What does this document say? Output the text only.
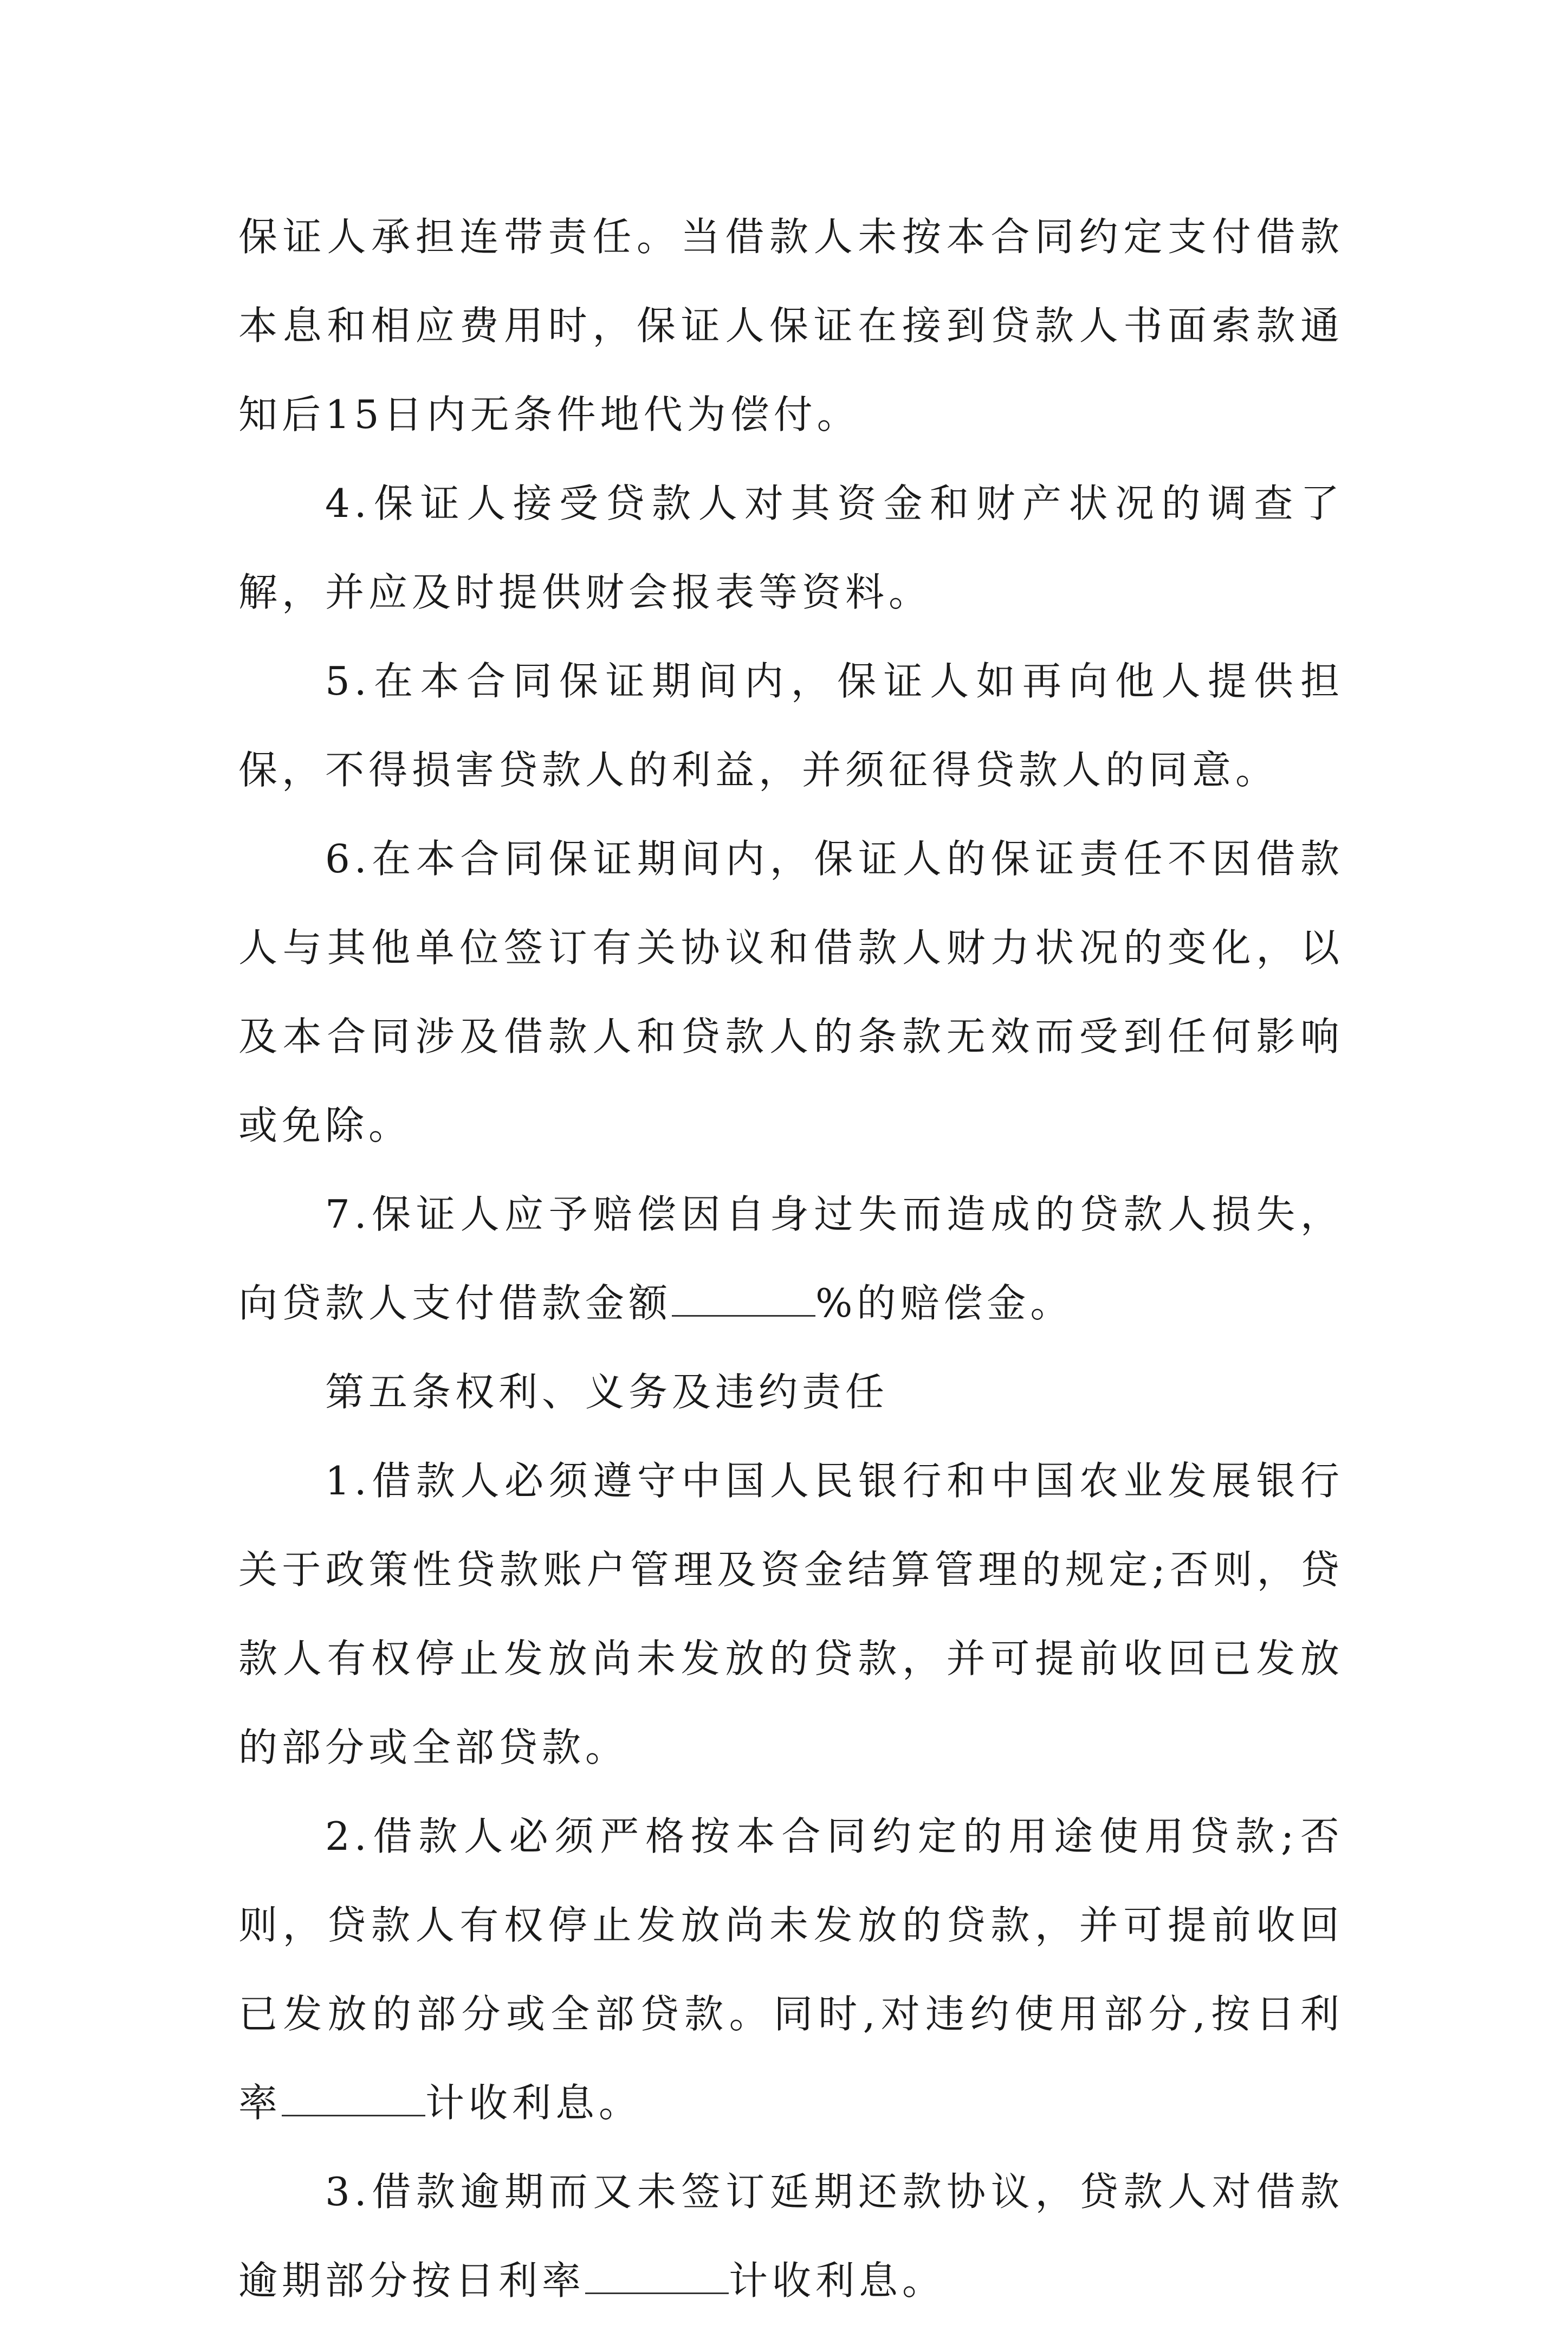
保证人承担连带责任。当借款人未按本合同约定支付借款本息和相应费用时，保证人保证在接到贷款人书面索款通知后15日内无条件地代为偿付。

4.保证人接受贷款人对其资金和财产状况的调查了解，并应及时提供财会报表等资料。

5.在本合同保证期间内，保证人如再向他人提供担保，不得损害贷款人的利益，并须征得贷款人的同意。

6.在本合同保证期间内，保证人的保证责任不因借款人与其他单位签订有关协议和借款人财力状况的变化，以及本合同涉及借款人和贷款人的条款无效而受到任何影响或免除。

7.保证人应予赔偿因自身过失而造成的贷款人损失，向贷款人支付借款金额	%的赔偿金。

第五条权利、义务及违约责任

1.借款人必须遵守中国人民银行和中国农业发展银行关于政策性贷款账户管理及资金结算管理的规定;否则，贷款人有权停止发放尚未发放的贷款，并可提前收回已发放的部分或全部贷款。

2.借款人必须严格按本合同约定的用途使用贷款;否则，贷款人有权停止发放尚未发放的贷款，并可提前收回已发放的部分或全部贷款。同时,对违约使用部分,按日利率	计收利息。

3.借款逾期而又未签订延期还款协议，贷款人对借款逾期部分按日利率	计收利息。
